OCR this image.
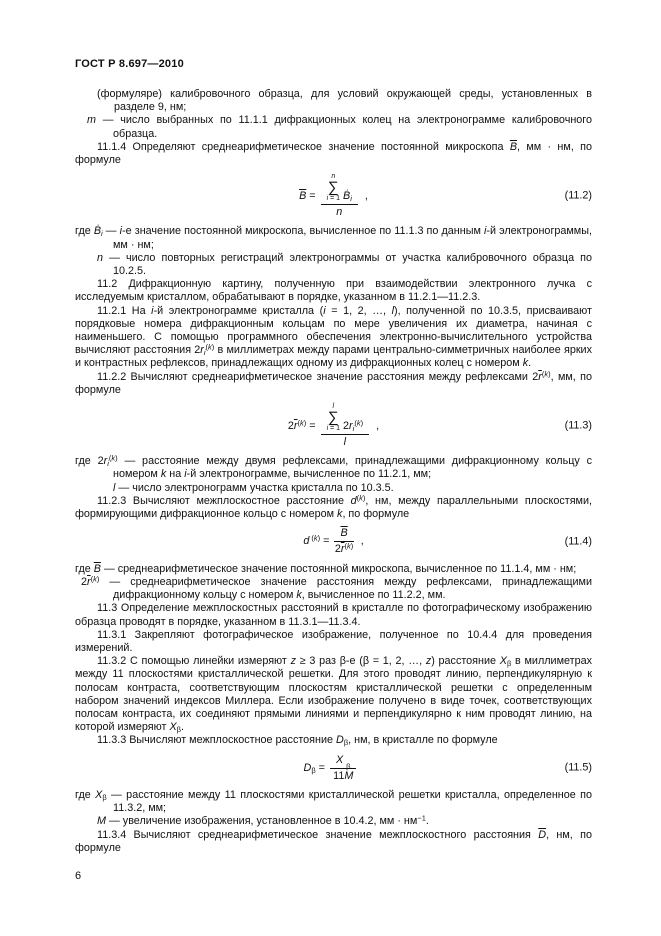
ГОСТ Р 8.697—2010

(формуляре) калибровочного образца, для условий окружающей среды, установленных в разделе 9, нм;

m — число выбранных по 11.1.1 дифракционных колец на электронограмме калибровочного образца.

11.1.4 Определяют среднеарифметическое значение постоянной микроскопа $\overline{B}$, мм · нм, по формуле

$\overline{B}$ =
n
∑
i = 1 Ḃ$_i$
n
,	(11.2)

где Ḃ$_i$ — i-е значение постоянной микроскопа, вычисленное по 11.1.3 по данным i-й электронограммы, мм · нм;

n — число повторных регистраций электронограммы от участка калибровочного образца по 10.2.5.

11.2 Дифракционную картину, полученную при взаимодействии электронного лучка с исследуемым кристаллом, обрабатывают в порядке, указанном в 11.2.1—11.2.3.

11.2.1 На i-й электронограмме кристалла (i = 1, 2, …, l), полученной по 10.3.5, присваивают порядковые номера дифракционным кольцам по мере увеличения их диаметра, начиная с наименьшего. С помощью программного обеспечения электронно-вычислительного устройства вычисляют расстояния $2r_i^{(k)}$ в миллиметрах между парами центрально-симметричных наиболее ярких и контрастных рефлексов, принадлежащих одному из дифракционных колец с номером k.

11.2.2 Вычисляют среднеарифметическое значение расстояния между рефлексами $2\overline{r}^{(k)}$, мм, по формуле

$2\overline{r}^{(k)}$ =
l
∑
i = 1 $2r_i^{(k)}$
l
,	(11.3)

где $2r_i^{(k)}$ — расстояние между двумя рефлексами, принадлежащими дифракционному кольцу с номером k на i-й электронограмме, вычисленное по 11.2.1, мм;

l — число электронограмм участка кристалла по 10.3.5.

11.2.3 Вычисляют межплоскостное расстояние $d^{(k)}$, нм, между параллельными плоскостями, формирующими дифракционное кольцо с номером k, по формуле

d $^{(k)} = \frac{\overline{B}}{2\overline{r}^{(k)}}$ ,	(11.4)

где $\overline{B}$ — среднеарифметическое значение постоянной микроскопа, вычисленное по 11.1.4, мм · нм;

$2\overline{r}^{(k)}$ — среднеарифметическое значение расстояния между рефлексами, принадлежащими дифракционному кольцу с номером k, вычисленное по 11.2.2, мм.

11.3 Определение межплоскостных расстояний в кристалле по фотографическому изображению образца проводят в порядке, указанном в 11.3.1—11.3.4.

11.3.1 Закрепляют фотографическое изображение, полученное по 10.4.4 для проведения измерений.

11.3.2 С помощью линейки измеряют z ≥ 3 раз β-е (β = 1, 2, …, z) расстояние $X_\beta$ в миллиметрах между 11 плоскостями кристаллической решетки. Для этого проводят линию, перпендикулярную к полосам контраста, соответствующим плоскостям кристаллической решетки с определенным набором значений индексов Миллера. Если изображение получено в виде точек, соответствующих полосам контраста, их соединяют прямыми линиями и перпендикулярно к ним проводят линию, на которой измеряют $X_\beta$.

11.3.3 Вычисляют межплоскостное расстояние $D_\beta$, нм, в кристалле по формуле

$D_\beta = X$
β
11M	(11.5)

где $X_\beta$ — расстояние между 11 плоскостями кристаллической решетки кристалла, определенное по 11.3.2, мм;

M — увеличение изображения, установленное в 10.4.2, мм · $нм^{-1}$.

11.3.4 Вычисляют среднеарифметическое значение межплоскостного расстояния $\overline{D}$, нм, по формуле

6
